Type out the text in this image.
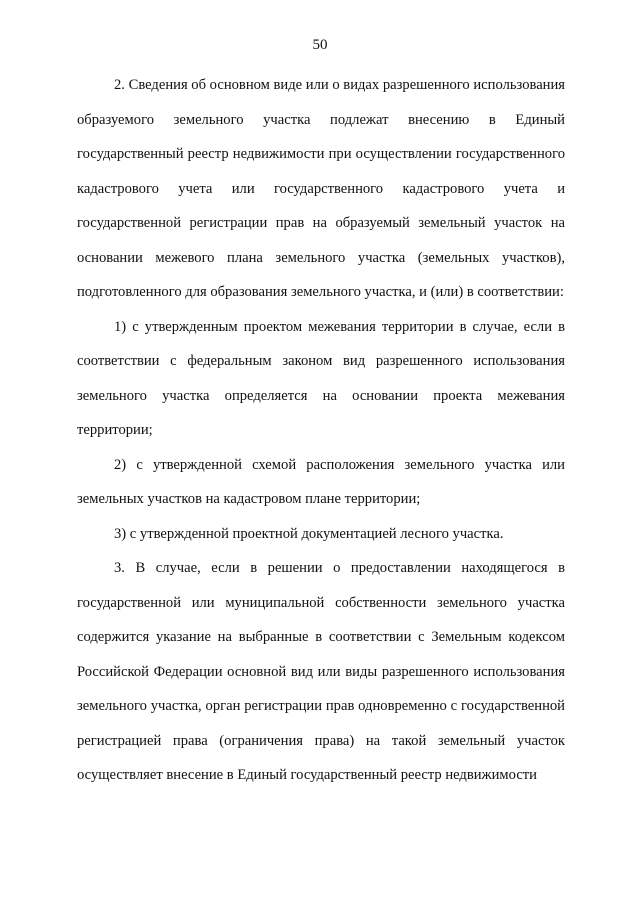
50

2. Сведения об основном виде или о видах разрешенного использования образуемого земельного участка подлежат внесению в Единый государственный реестр недвижимости при осуществлении государственного кадастрового учета или государственного кадастрового учета и государственной регистрации прав на образуемый земельный участок на основании межевого плана земельного участка (земельных участков), подготовленного для образования земельного участка, и (или) в соответствии:

1) с утвержденным проектом межевания территории в случае, если в соответствии с федеральным законом вид разрешенного использования земельного участка определяется на основании проекта межевания территории;

2) с утвержденной схемой расположения земельного участка или земельных участков на кадастровом плане территории;

3) с утвержденной проектной документацией лесного участка.

3. В случае, если в решении о предоставлении находящегося в государственной или муниципальной собственности земельного участка содержится указание на выбранные в соответствии с Земельным кодексом Российской Федерации основной вид или виды разрешенного использования земельного участка, орган регистрации прав одновременно с государственной регистрацией права (ограничения права) на такой земельный участок осуществляет внесение в Единый государственный реестр недвижимости
